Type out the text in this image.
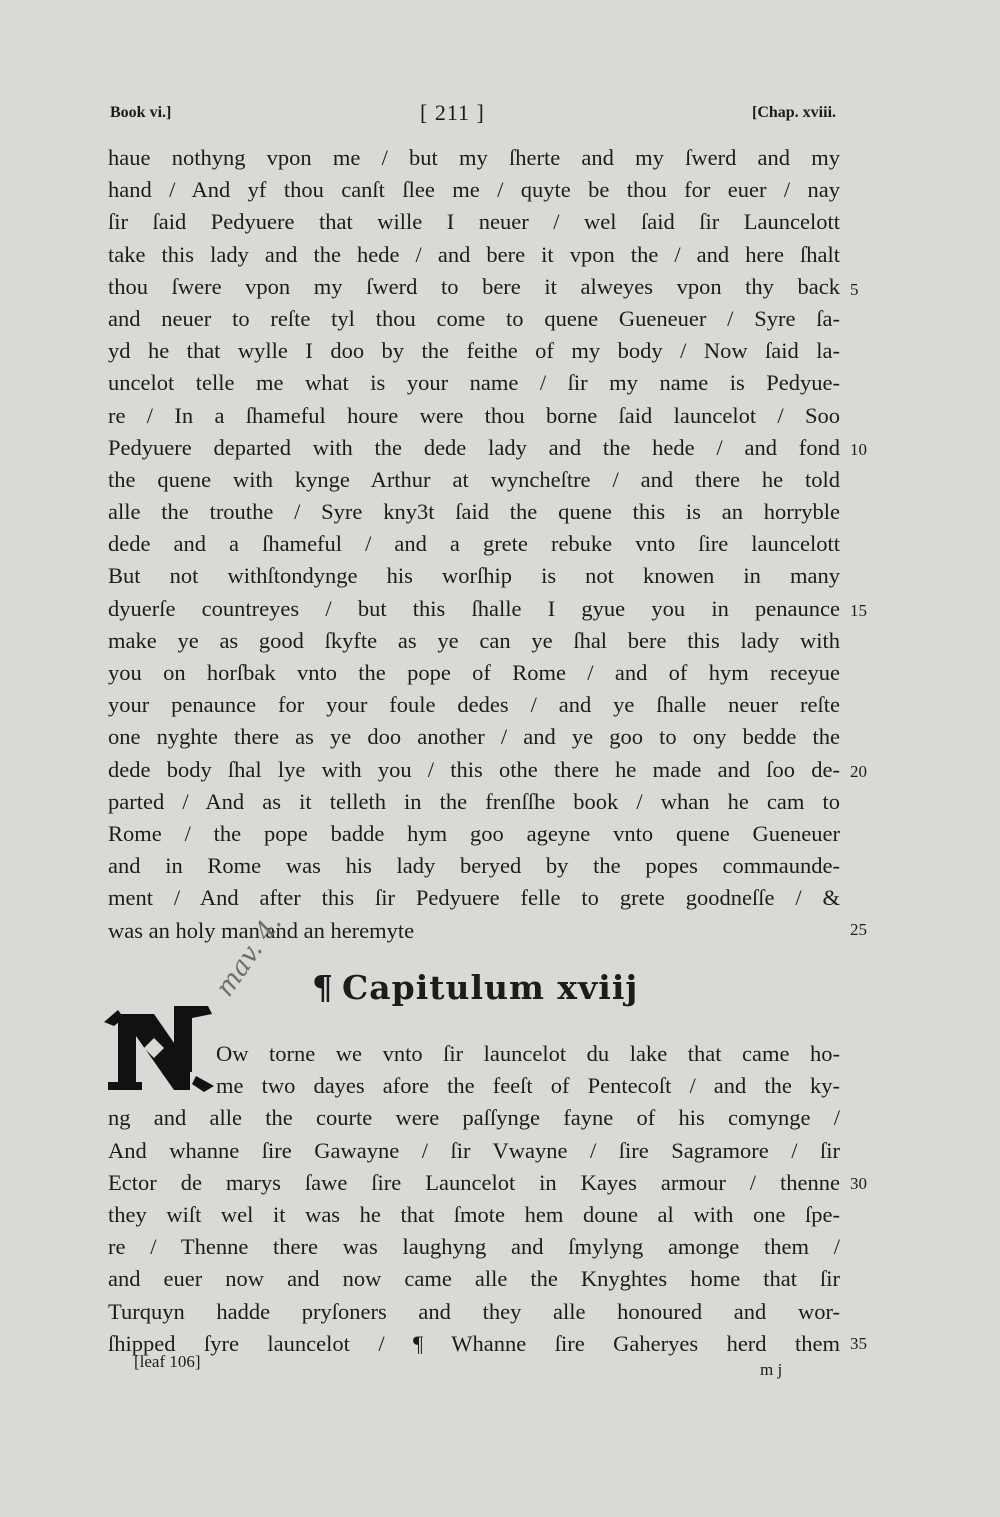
Book vi.]	[ 211 ]	[Chap. xviii.
haue nothyng vpon me / but my ſherte and my ſwerd and my
hand / And yf thou canſt ſlee me / quyte be thou for euer / nay
ſir ſaid Pedyuere that wille I neuer / wel ſaid ſir Launcelott
take this lady and the hede / and bere it vpon the / and here ſhalt
thou ſwere vpon my ſwerd to bere it alweyes vpon thy back
and neuer to reſte tyl thou come to quene Gueneuer / Syre ſa-
yd he that wylle I doo by the feithe of my body / Now ſaid la-
uncelot telle me what is your name / ſir my name is Pedyue-
re / In a ſhameful houre were thou borne ſaid launcelot / Soo
Pedyuere departed with the dede lady and the hede / and fond
the quene with kynge Arthur at wyncheſtre / and there he told
alle the trouthe / Syre kny3t ſaid the quene this is an horryble
dede and a ſhameful / and a grete rebuke vnto ſire launcelott
But not withſtondynge his worſhip is not knowen in many
dyuerſe countreyes / but this ſhalle I gyue you in penaunce
make ye as good ſkyfte as ye can ye ſhal bere this lady with
you on horſbak vnto the pope of Rome / and of hym receyue
your penaunce for your foule dedes / and ye ſhalle neuer reſte
one nyghte there as ye doo another / and ye goo to ony bedde the
dede body ſhal lye with you / this othe there he made and ſoo de-
parted / And as it telleth in the frenſſhe book / whan he cam to
Rome / the pope badde hym goo ageyne vnto quene Gueneuer
and in Rome was his lady beryed by the popes commaunde-
ment / And after this ſir Pedyuere felle to grete goodneſſe / &
was an holy man and an heremyte
5
10
15
20
25
30
35
mav. 4. ¶ Capitulum xviij
Ow torne we vnto ſir launcelot du lake that came ho-
me two dayes afore the feeſt of Pentecoſt / and the ky-
ng and alle the courte were paſſynge fayne of his comynge /
And whanne ſire Gawayne / ſir Vwayne / ſire Sagramore / ſir
Ector de marys ſawe ſire Launcelot in Kayes armour / thenne
they wiſt wel it was he that ſmote hem doune al with one ſpe-
re / Thenne there was laughyng and ſmylyng amonge them /
and euer now and now came alle the Knyghtes home that ſir
Turquyn hadde pryſoners and they alle honoured and wor-
ſhipped ſyre launcelot / ¶ Whanne ſire Gaheryes herd them
[leaf 106]	m j
